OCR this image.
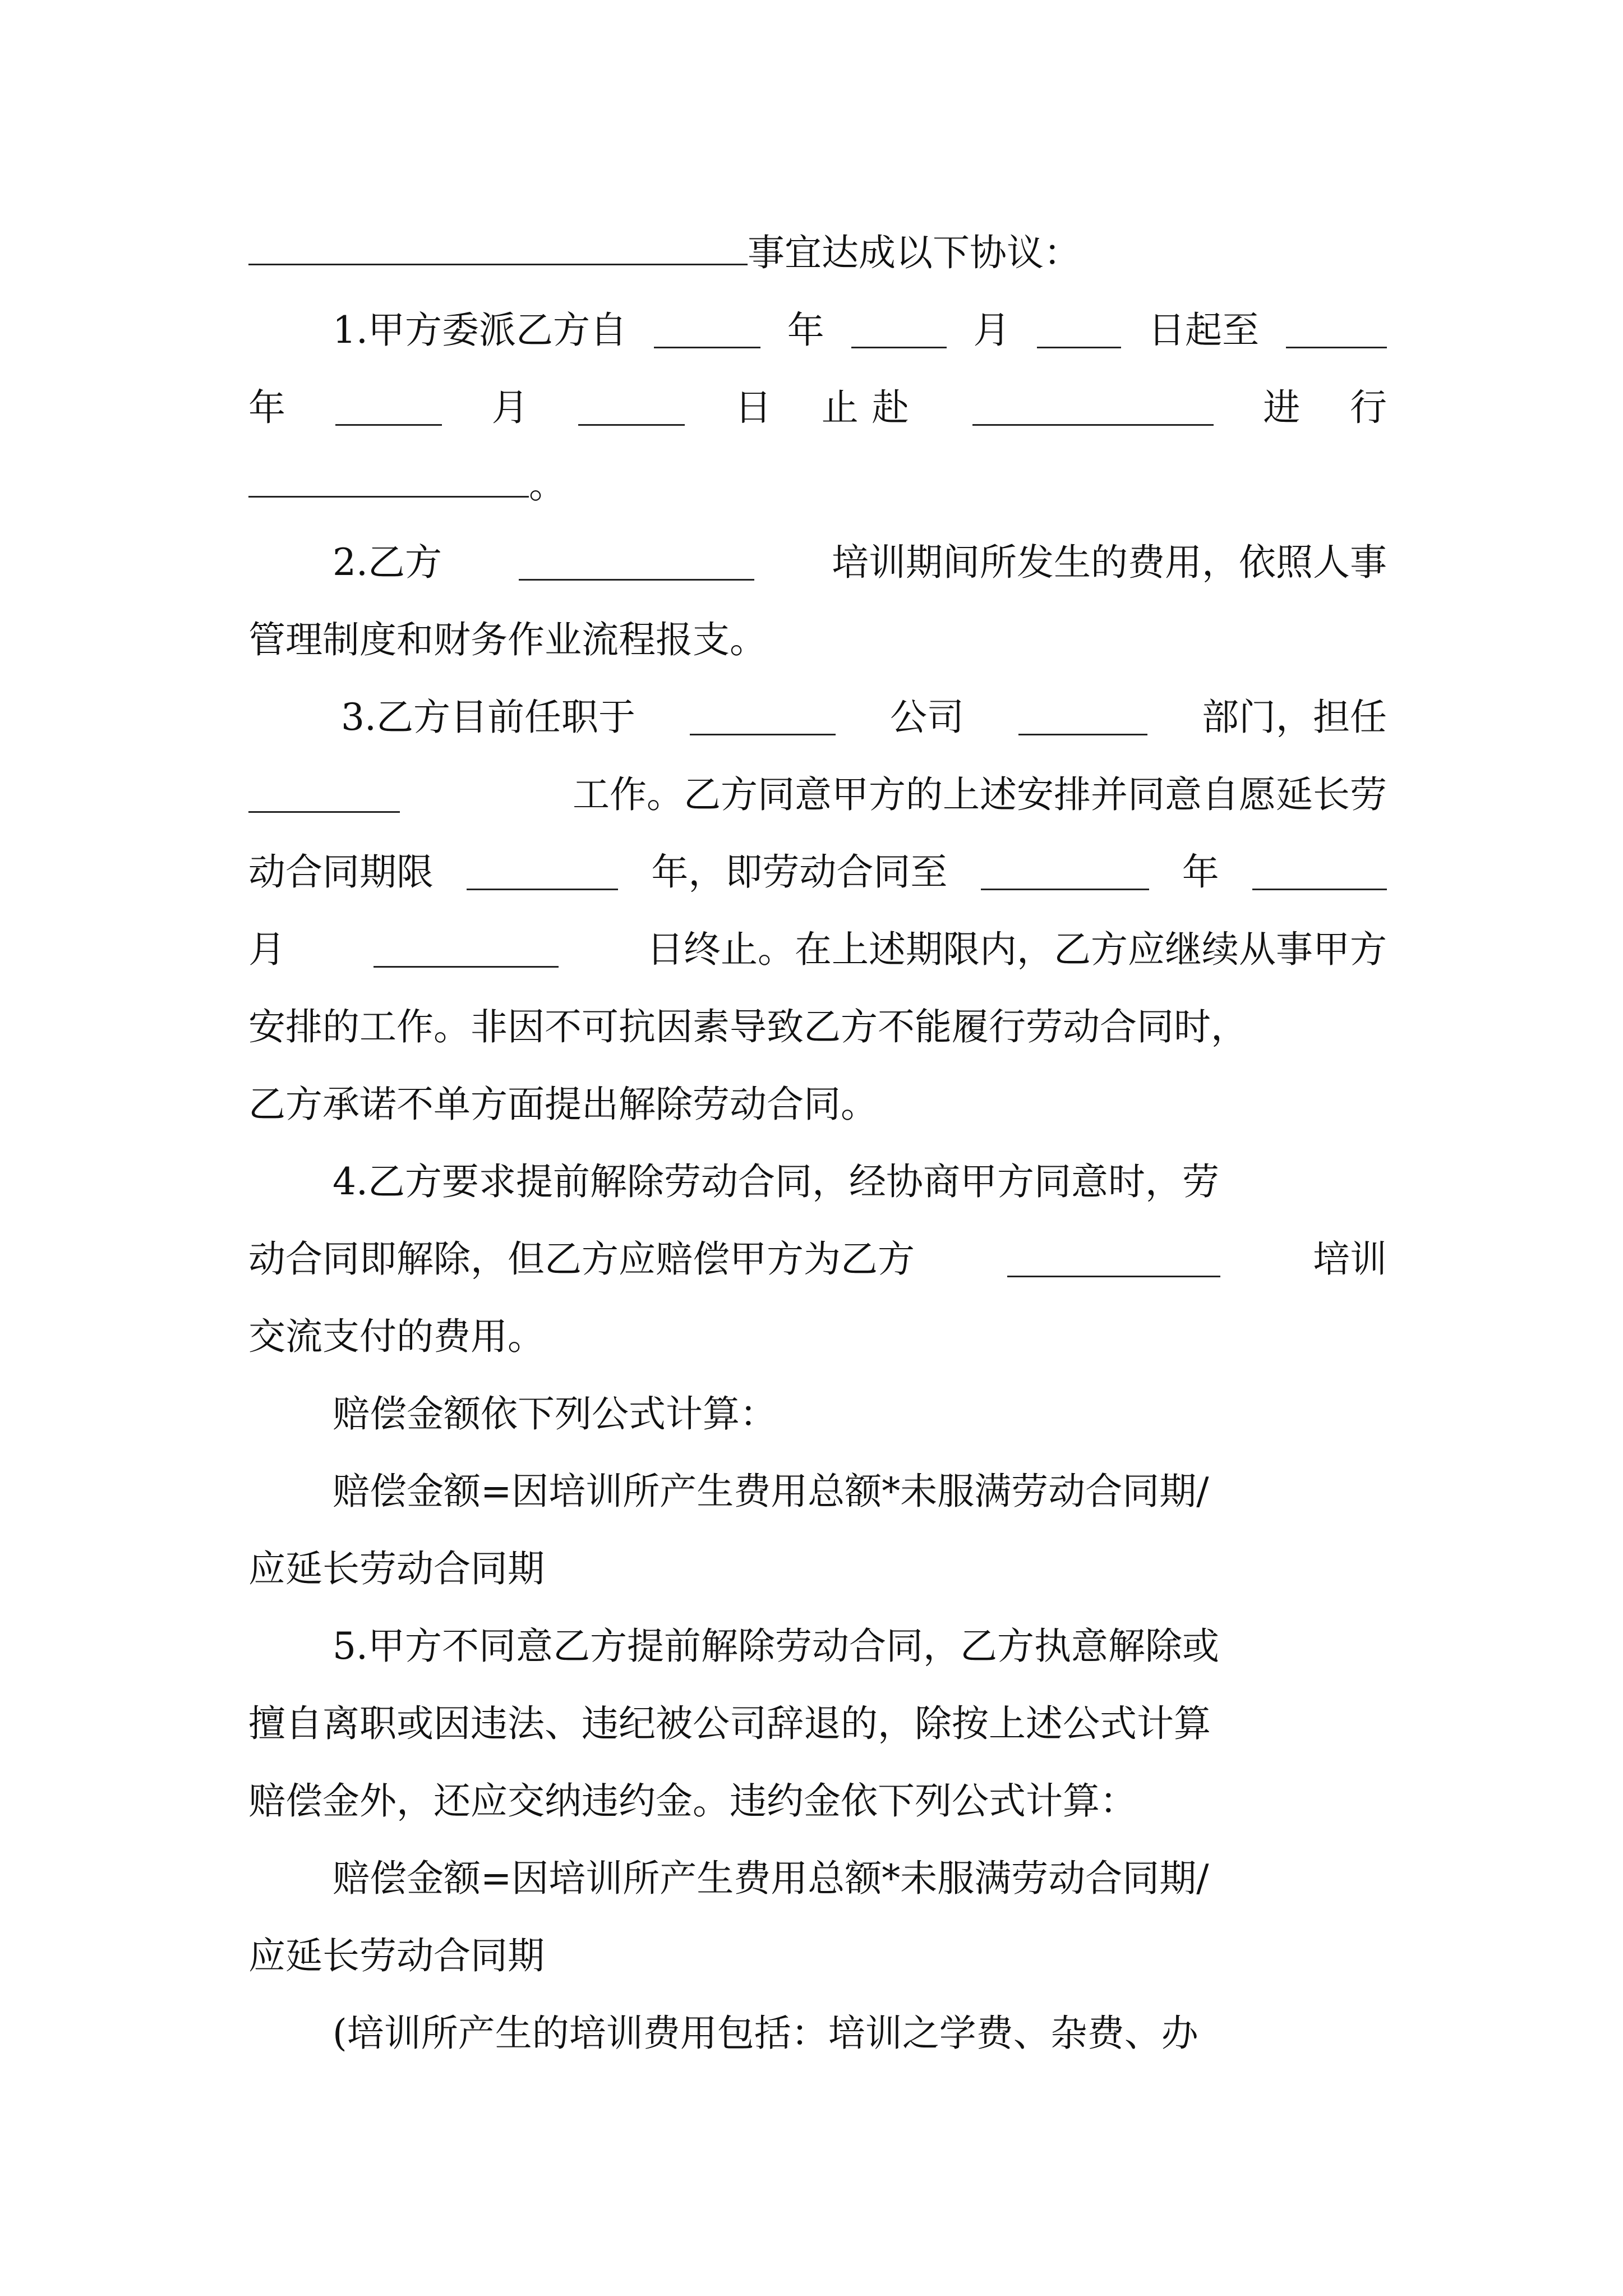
事宜达成以下协议：
1.甲方委派乙方自	年	月	日起至
年	月	日 止赴	进 行
。
2.乙方	培训期间所发生的费用，依照人事
管理制度和财务作业流程报支。
3.乙方目前任职于	公司	部门，担任
工作。乙方同意甲方的上述安排并同意自愿延长劳
动合同期限	年，即劳动合同至	年
月	日终止。在上述期限内，乙方应继续从事甲方
安排的工作。非因不可抗因素导致乙方不能履行劳动合同时，
乙方承诺不单方面提出解除劳动合同。
4.乙方要求提前解除劳动合同，经协商甲方同意时，劳
动合同即解除，但乙方应赔偿甲方为乙方	培训
交流支付的费用。
赔偿金额依下列公式计算：
赔偿金额=因培训所产生费用总额*未服满劳动合同期/
应延长劳动合同期
5.甲方不同意乙方提前解除劳动合同，乙方执意解除或
擅自离职或因违法、违纪被公司辞退的，除按上述公式计算
赔偿金外，还应交纳违约金。违约金依下列公式计算：
赔偿金额=因培训所产生费用总额*未服满劳动合同期/
应延长劳动合同期
(培训所产生的培训费用包括：培训之学费、杂费、办
